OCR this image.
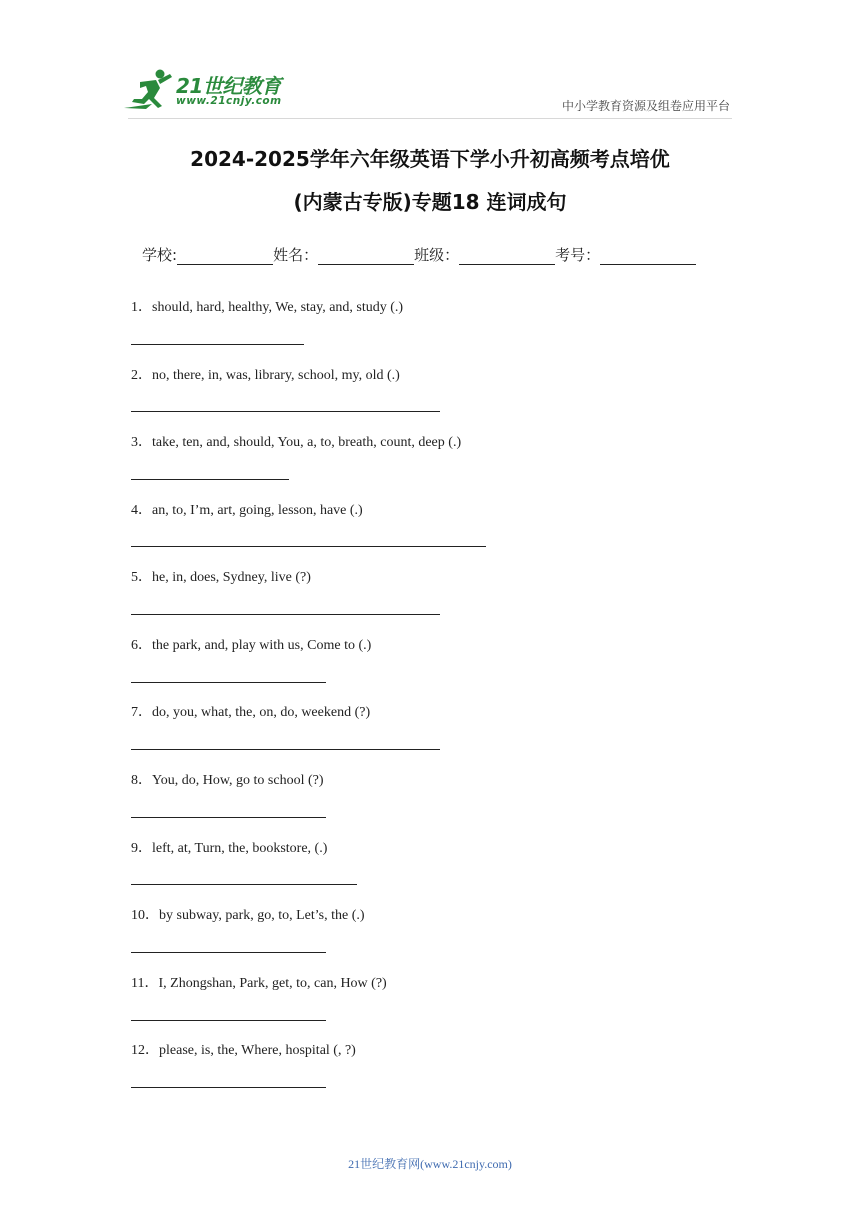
21世纪教育
www.21cnjy.com	中小学教育资源及组卷应用平台
2024-2025学年六年级英语下学小升初高频考点培优
(内蒙古专版)专题18 连词成句
学校:	姓名：	班级：	考号：
1．should, hard, healthy, We, stay, and, study (.)
2．no, there, in, was, library, school, my, old (.)
3．take, ten, and, should, You, a, to, breath, count, deep (.)
4．an, to, I’m, art, going, lesson, have (.)
5．he, in, does, Sydney, live (?)
6．the park, and, play with us, Come to (.)
7．do, you, what, the, on, do, weekend (?)
8．You, do, How, go to school (?)
9．left, at, Turn, the, bookstore, (.)
10．by subway, park, go, to, Let’s, the (.)
11．I, Zhongshan, Park, get, to, can, How (?)
12．please, is, the, Where, hospital (, ?)
21世纪教育网(www.21cnjy.com)
